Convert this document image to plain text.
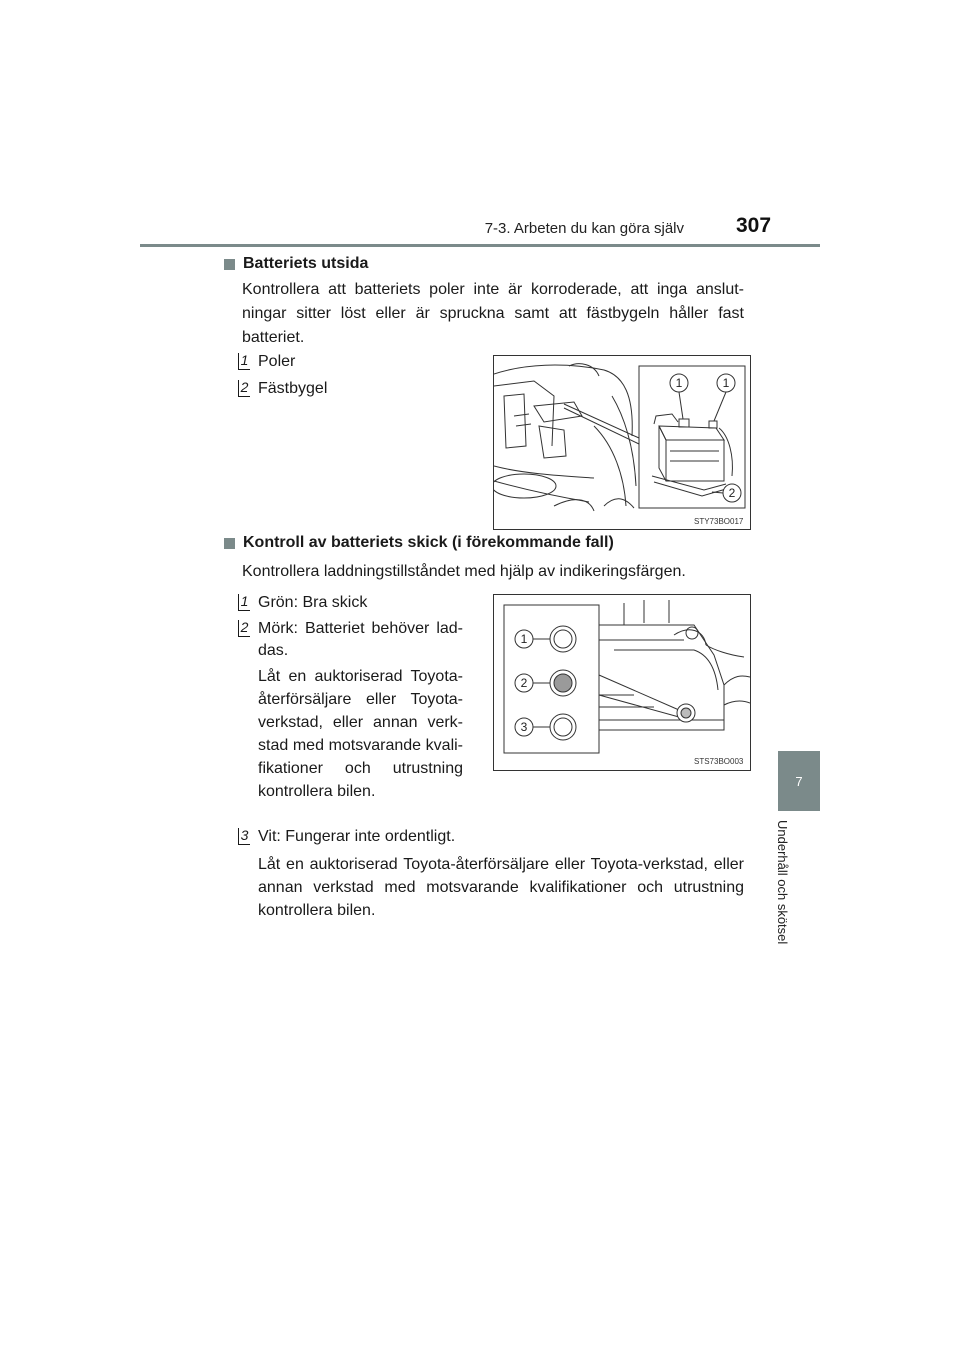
7-3. Arbeten du kan göra själv 307
7
Underhåll och skötsel
Batteriets utsida
Kontrollera att batteriets poler inte är korroderade, att inga anslut-ningar sitter löst eller är spruckna samt att fästbygeln håller fast batteriet.
1 Poler
2 Fästbygel	1	1
2
STY73BO017
Kontroll av batteriets skick (i förekommande fall)
Kontrollera laddningstillståndet med hjälp av indikeringsfärgen.
1 Grön: Bra skick
2 Mörk: Batteriet behöver lad-
das.
Låt en auktoriserad Toyota-
återförsäljare eller Toyota-
verkstad, eller annan verk-
stad med motsvarande kvali-
fikationer och utrustning
kontrollera bilen.
3 Vit: Fungerar inte ordentligt.
Låt en auktoriserad Toyota-återförsäljare eller Toyota-verkstad, eller
annan verkstad med motsvarande kvalifikationer och utrustning
kontrollera bilen.
1
2
3
STS73BO003
